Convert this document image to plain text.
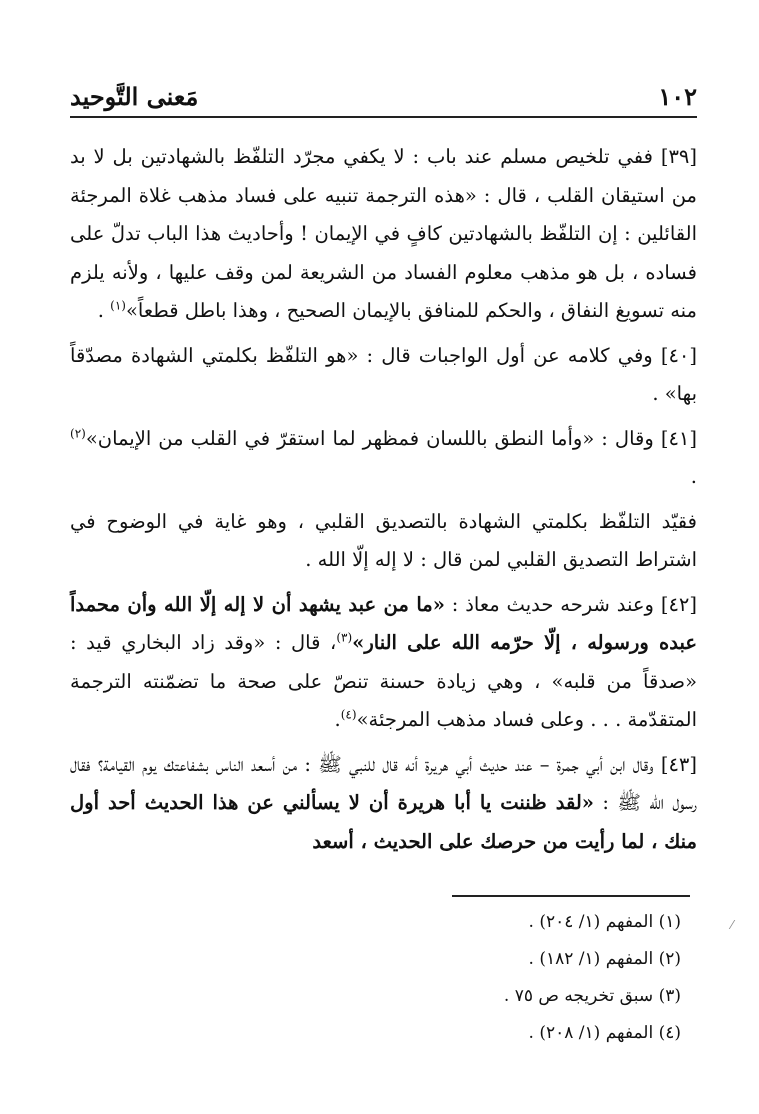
١٠٢
مَعنى التَّوحيد

[٣٩] ففي تلخيص مسلم عند باب : لا يكفي مجرّد التلفّظ بالشهادتين بل لا بد من استيقان القلب ، قال : «هذه الترجمة تنبيه على فساد مذهب غلاة المرجئة القائلين : إن التلفّظ بالشهادتين كافٍ في الإيمان ! وأحاديث هذا الباب تدلّ على فساده ، بل هو مذهب معلوم الفساد من الشريعة لمن وقف عليها ، ولأنه يلزم منه تسويغ النفاق ، والحكم للمنافق بالإيمان الصحيح ، وهذا باطل قطعاً»$^{(١)}$ .

[٤٠] وفي كلامه عن أول الواجبات قال : «هو التلفّظ بكلمتي الشهادة مصدّقاً بها» .

[٤١] وقال : «وأما النطق باللسان فمظهر لما استقرّ في القلب من الإيمان»$^{(٢)}$ .

فقيّد التلفّظ بكلمتي الشهادة بالتصديق القلبي ، وهو غاية في الوضوح في اشتراط التصديق القلبي لمن قال : لا إله إلّا الله .

[٤٢] وعند شرحه حديث معاذ : «ما من عبد يشهد أن لا إله إلّا الله وأن محمداً عبده ورسوله ، إلّا حرّمه الله على النار»$^{(٣)}$، قال : «وقد زاد البخاري قيد : «صدقاً من قلبه» ، وهي زيادة حسنة تنصّ على صحة ما تضمّنته الترجمة المتقدّمة . . . وعلى فساد مذهب المرجئة»$^{(٤)}$.

[٤٣] وقال ابن أبي جمرة – عند حديث أبي هريرة أنه قال للنبي ﷺ : من أسعد الناس بشفاعتك يوم القيامة؟ فقال رسول الله ﷺ : «لقد ظننت يا أبا هريرة أن لا يسألني عن هذا الحديث أحد أول منك ، لما رأيت من حرصك على الحديث ، أسعد

(١) المفهم (١/ ٢٠٤) .
(٢) المفهم (١/ ١٨٢) .
(٣) سبق تخريجه ص ٧٥ .
(٤) المفهم (١/ ٢٠٨) .
⁄
